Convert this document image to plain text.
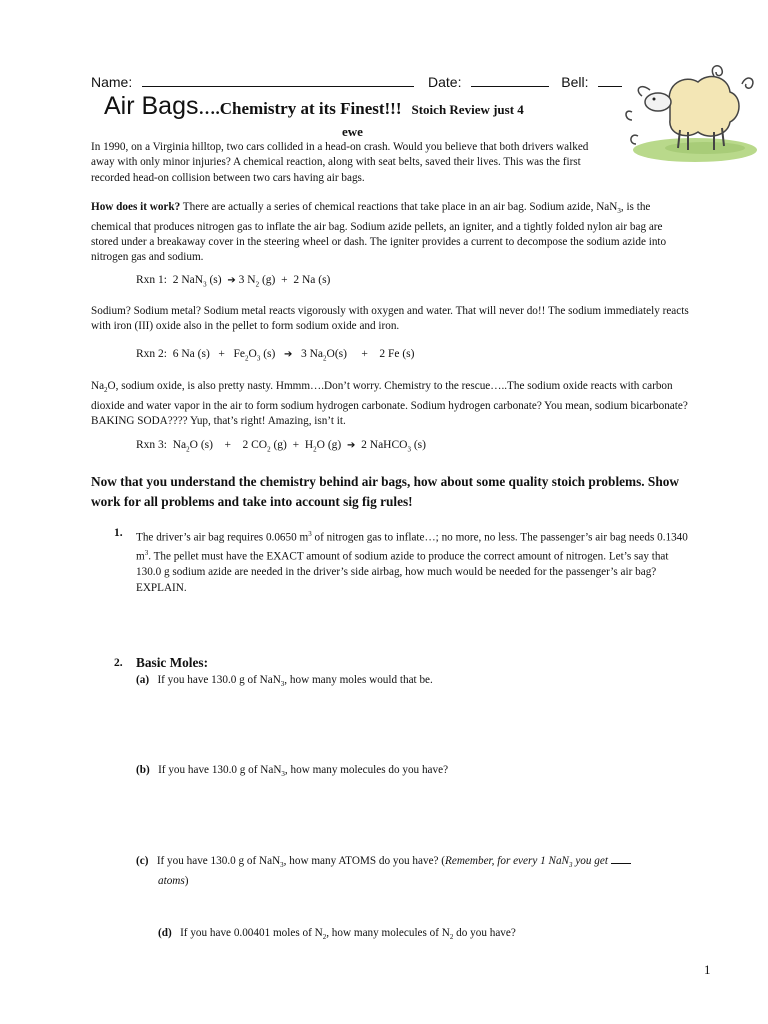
Name:	Date:	Bell:
Air Bags….Chemistry at its Finest!!! Stoich Review just 4
ewe

In 1990, on a Virginia hilltop, two cars collided in a head-on crash. Would you believe that both drivers walked away with only minor injuries? A chemical reaction, along with seat belts, saved their lives. This was the first recorded head-on collision between two cars having air bags.

How does it work? There are actually a series of chemical reactions that take place in an air bag. Sodium azide, NaN$_3$, is the chemical that produces nitrogen gas to inflate the air bag. Sodium azide pellets, an igniter, and a tightly folded nylon air bag are stored under a breakaway cover in the steering wheel or dash. The igniter provides a current to decompose the sodium azide into nitrogen gas and sodium.

Rxn 1:  2 NaN$_3$ (s)  ➔ 3 $N_2$ (g)  +  2 Na (s)

Sodium? Sodium metal? Sodium metal reacts vigorously with oxygen and water. That will never do!! The sodium immediately reacts with iron (III) oxide also in the pellet to form sodium oxide and iron.

Rxn 2:  6 Na $(s) + Fe_2O_3$ (s)   ➔   3 $Na_2O(s)$     +    2 Fe (s)

$Na_2O$, sodium oxide, is also pretty nasty. Hmmm….Don’t worry. Chemistry to the rescue…..The sodium oxide reacts with carbon dioxide and water vapor in the air to form sodium hydrogen carbonate. Sodium hydrogen carbonate? You mean, sodium bicarbonate? BAKING SODA???? Yup, that’s right! Amazing, isn’t it.

Rxn 3:  $Na_2O$ (s)    +    2 $CO_2$ $(g) + H_2O$ (g)  ➔  2 NaHCO$_3$ (s)

Now that you understand the chemistry behind air bags, how about some quality stoich problems. Show work for all problems and take into account sig fig rules!

1. The driver’s air bag requires 0.0650 $m^3$ of nitrogen gas to inflate…; no more, no less. The passenger’s air bag needs 0.1340 $m^3$. The pellet must have the EXACT amount of sodium azide to produce the correct amount of nitrogen. Let’s say that 130.0 g sodium azide are needed in the driver’s side airbag, how much would be needed for the passenger’s air bag? EXPLAIN.

2. Basic Moles:
(a) If you have 130.0 g of NaN$_3$, how many moles would that be.
(b) If you have 130.0 g of NaN$_3$, how many molecules do you have?
(c) If you have 130.0 g of NaN$_3$, how many ATOMS do you have? (Remember, for every 1 NaN$_3$ you get
atoms)
(d) If you have 0.00401 moles of $N_2$, how many molecules of $N_2$ do you have?
1
